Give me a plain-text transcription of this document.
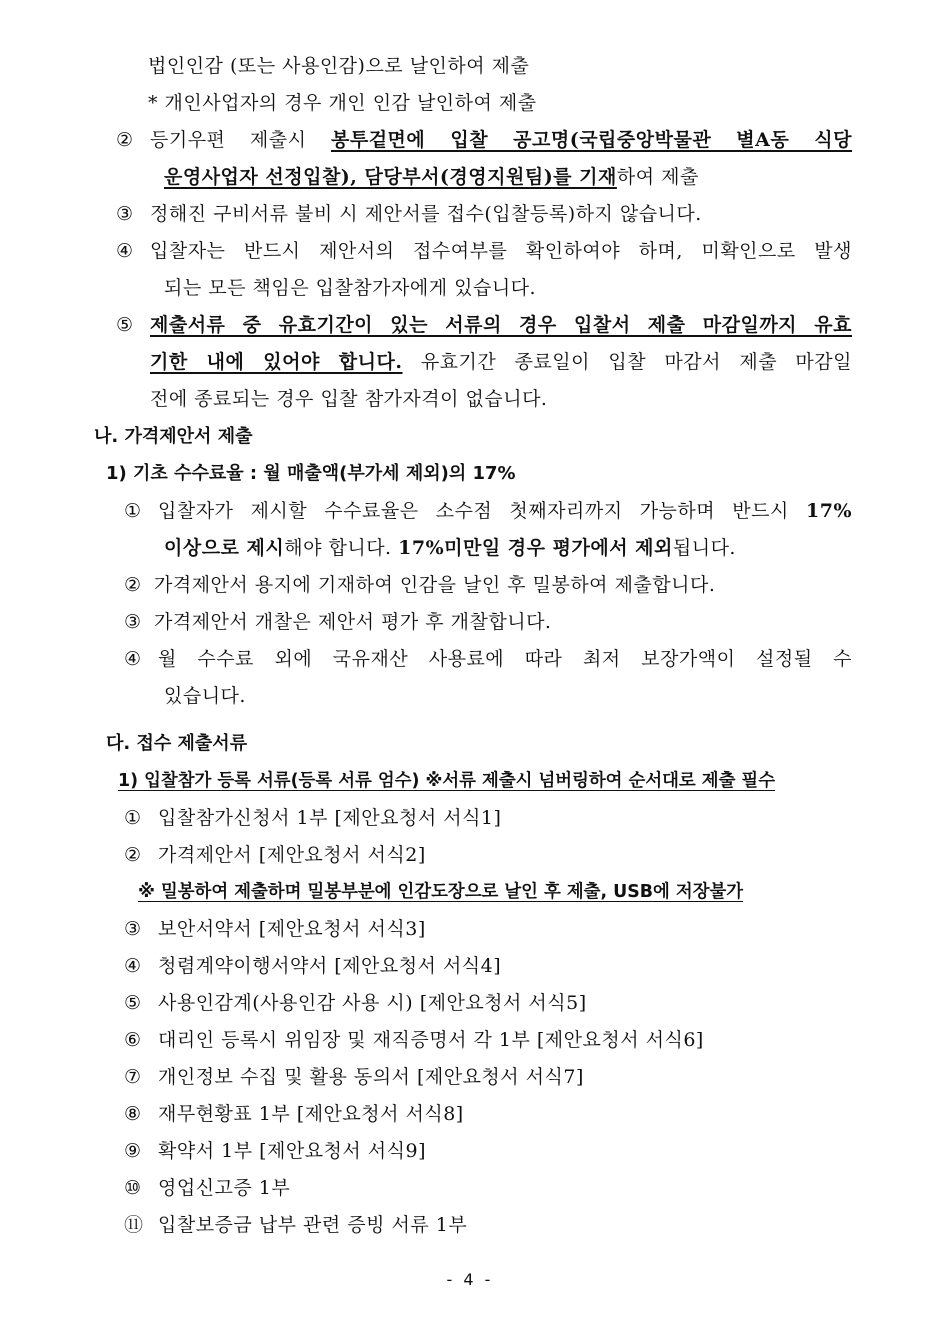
법인인감 (또는 사용인감)으로 날인하여 제출
* 개인사업자의 경우 개인 인감 날인하여 제출
② 등기우편 제출시 봉투겉면에 입찰 공고명(국립중앙박물관 별A동 식당
운영사업자 선정입찰), 담당부서(경영지원팀)를 기재하여 제출
③ 정해진 구비서류 불비 시 제안서를 접수(입찰등록)하지 않습니다.
④ 입찰자는 반드시 제안서의 접수여부를 확인하여야 하며, 미확인으로 발생
되는 모든 책임은 입찰참가자에게 있습니다.
⑤ 제출서류 중 유효기간이 있는 서류의 경우 입찰서 제출 마감일까지 유효
기한 내에 있어야 합니다. 유효기간 종료일이 입찰 마감서 제출 마감일
전에 종료되는 경우 입찰 참가자격이 없습니다.
나. 가격제안서 제출
1) 기초 수수료율 : 월 매출액(부가세 제외)의 17%
① 입찰자가 제시할 수수료율은 소수점 첫째자리까지 가능하며 반드시 17%
이상으로 제시해야 합니다. 17%미만일 경우 평가에서 제외됩니다.
② 가격제안서 용지에 기재하여 인감을 날인 후 밀봉하여 제출합니다.
③ 가격제안서 개찰은 제안서 평가 후 개찰합니다.
④ 월 수수료 외에 국유재산 사용료에 따라 최저 보장가액이 설정될 수
있습니다.
다. 접수 제출서류
1) 입찰참가 등록 서류(등록 서류 엄수) ※서류 제출시 넘버링하여 순서대로 제출 필수
① 입찰참가신청서 1부 [제안요청서 서식1]
② 가격제안서 [제안요청서 서식2]
※ 밀봉하여 제출하며 밀봉부분에 인감도장으로 날인 후 제출, USB에 저장불가
③ 보안서약서 [제안요청서 서식3]
④ 청렴계약이행서약서 [제안요청서 서식4]
⑤ 사용인감계(사용인감 사용 시) [제안요청서 서식5]
⑥ 대리인 등록시 위임장 및 재직증명서 각 1부 [제안요청서 서식6]
⑦ 개인정보 수집 및 활용 동의서 [제안요청서 서식7]
⑧ 재무현황표 1부 [제안요청서 서식8]
⑨ 확약서 1부 [제안요청서 서식9]
⑩ 영업신고증 1부
⑪ 입찰보증금 납부 관련 증빙 서류 1부
- 4 -
